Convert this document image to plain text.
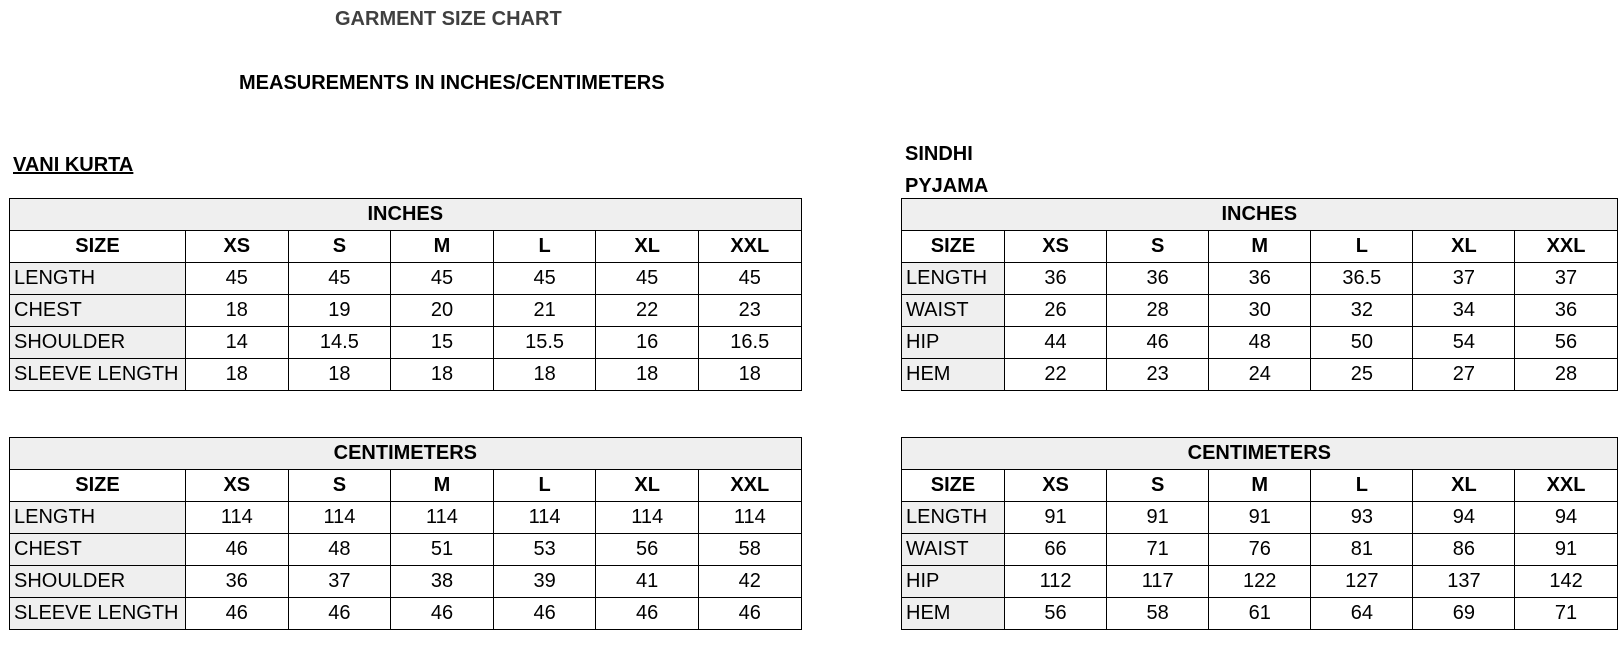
GARMENT SIZE CHART
MEASUREMENTS IN INCHES/CENTIMETERS
VANI KURTA	SINDHI
PYJAMA
INCHES						
SIZE	XS	S	M	L	XL	XXL
LENGTH	45	45	45	45	45	45
CHEST	18	19	20	21	22	23
SHOULDER	14	14.5	15	15.5	16	16.5
SLEEVE LENGTH	18	18	18	18	18	18
CENTIMETERS						
SIZE	XS	S	M	L	XL	XXL
LENGTH	114	114	114	114	114	114
CHEST	46	48	51	53	56	58
SHOULDER	36	37	38	39	41	42
SLEEVE LENGTH	46	46	46	46	46	46
INCHES						
SIZE	XS	S	M	L	XL	XXL
LENGTH	36	36	36	36.5	37	37
WAIST	26	28	30	32	34	36
HIP	44	46	48	50	54	56
HEM	22	23	24	25	27	28
CENTIMETERS						
SIZE	XS	S	M	L	XL	XXL
LENGTH	91	91	91	93	94	94
WAIST	66	71	76	81	86	91
HIP	112	117	122	127	137	142
HEM	56	58	61	64	69	71
